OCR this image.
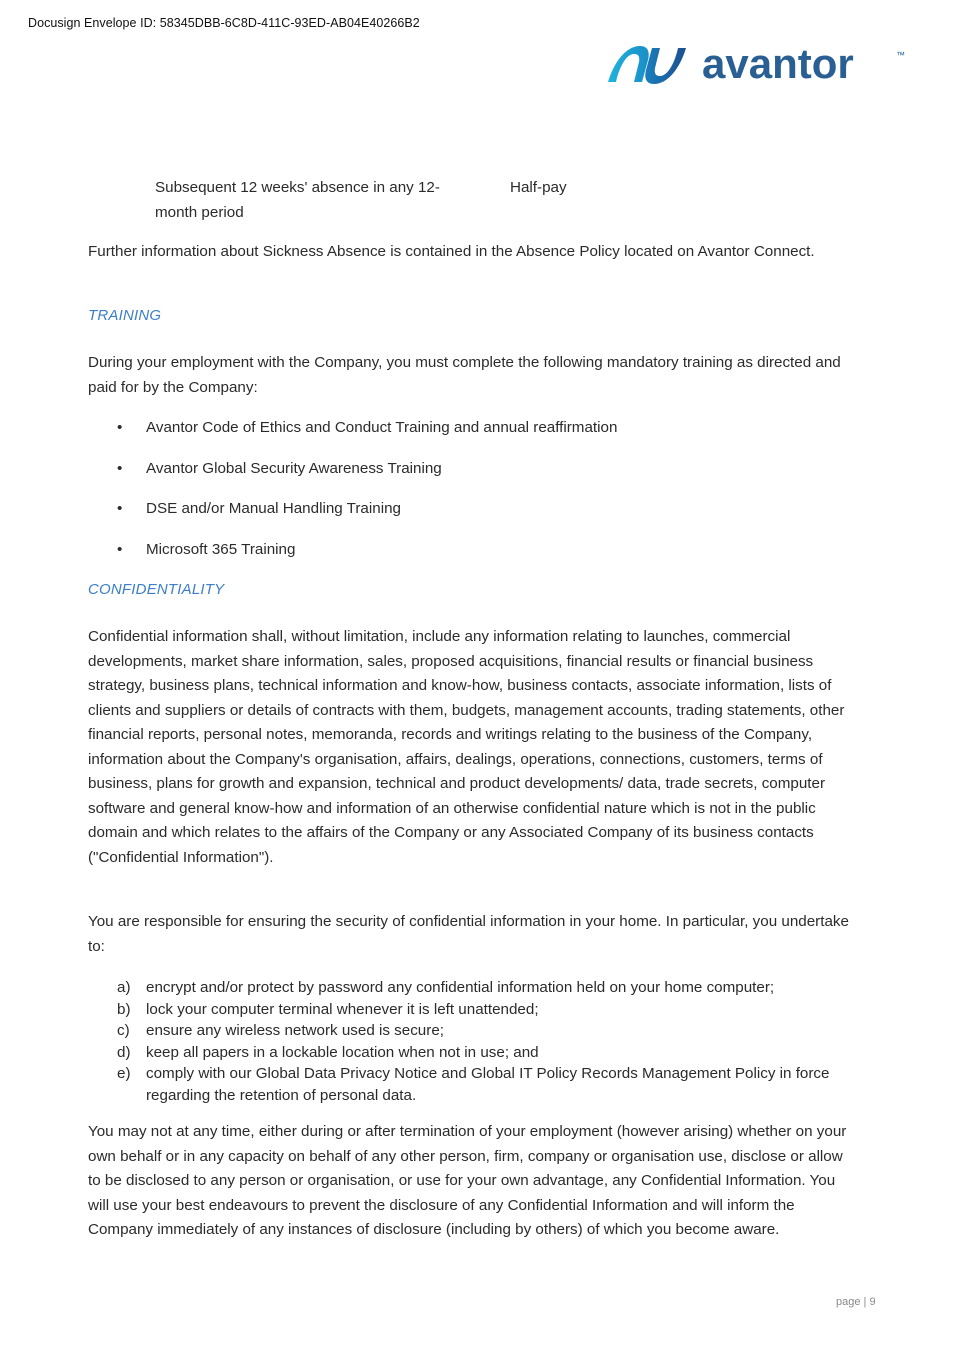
Docusign Envelope ID: 58345DBB-6C8D-411C-93ED-AB04E40266B2
avantor	™
Subsequent 12 weeks' absence in any 12-month period
Half-pay

Further information about Sickness Absence is contained in the Absence Policy located on Avantor Connect.

TRAINING

During your employment with the Company, you must complete the following mandatory training as directed and paid for by the Company:

• Avantor Code of Ethics and Conduct Training and annual reaffirmation
• Avantor Global Security Awareness Training
• DSE and/or Manual Handling Training
• Microsoft 365 Training
CONFIDENTIALITY

Confidential information shall, without limitation, include any information relating to launches, commercial developments, market share information, sales, proposed acquisitions, financial results or financial business strategy, business plans, technical information and know-how, business contacts, associate information, lists of clients and suppliers or details of contracts with them, budgets, management accounts, trading statements, other financial reports, personal notes, memoranda, records and writings relating to the business of the Company, information about the Company's organisation, affairs, dealings, operations, connections, customers, terms of business, plans for growth and expansion, technical and product developments/ data, trade secrets, computer software and general know-how and information of an otherwise confidential nature which is not in the public domain and which relates to the affairs of the Company or any Associated Company of its business contacts ("Confidential Information").

You are responsible for ensuring the security of confidential information in your home. In particular, you undertake to:

a) encrypt and/or protect by password any confidential information held on your home computer;
b) lock your computer terminal whenever it is left unattended;
c) ensure any wireless network used is secure;
d) keep all papers in a lockable location when not in use; and
e) comply with our Global Data Privacy Notice and Global IT Policy Records Management Policy in force regarding the retention of personal data.

You may not at any time, either during or after termination of your employment (however arising) whether on your own behalf or in any capacity on behalf of any other person, firm, company or organisation use, disclose or allow to be disclosed to any person or organisation, or use for your own advantage, any Confidential Information. You will use your best endeavours to prevent the disclosure of any Confidential Information and will inform the Company immediately of any instances of disclosure (including by others) of which you become aware.

page | 9
